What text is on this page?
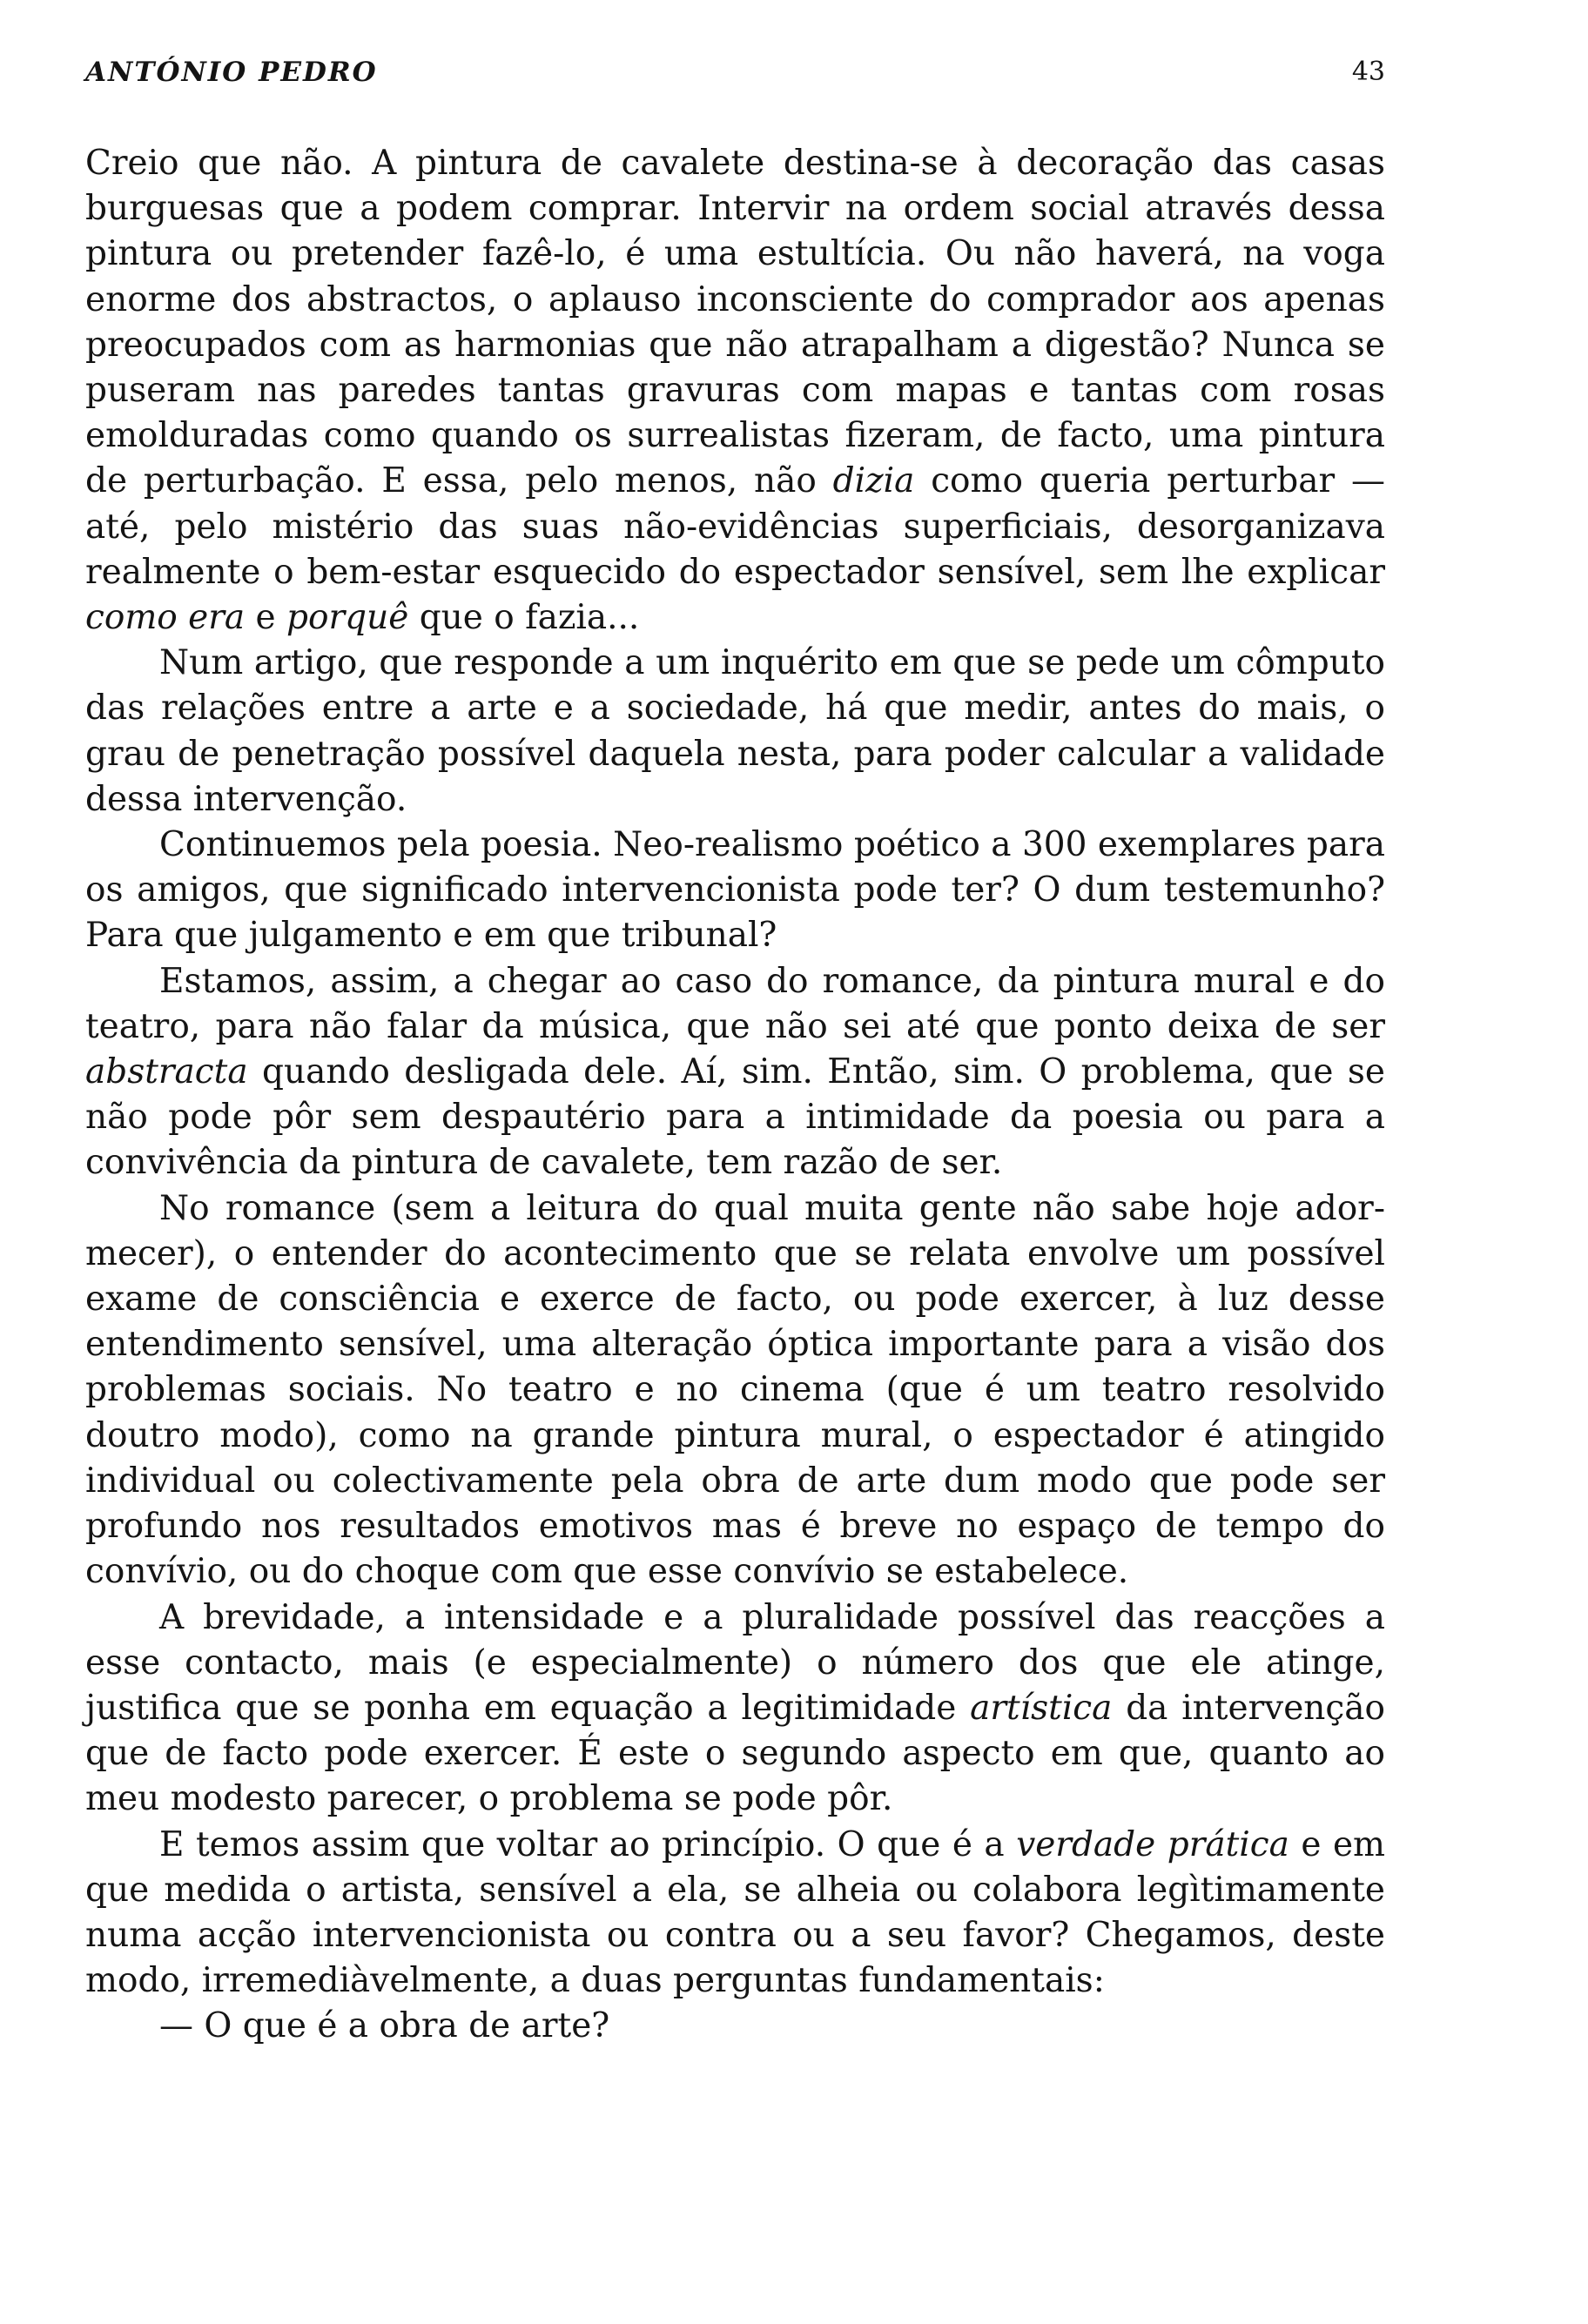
ANTÓNIO PEDRO	43

Creio que não. A pintura de cavalete destina-se à decoração das casas burguesas que a podem comprar. Intervir na ordem social através dessa pintura ou pretender fazê-lo, é uma estultícia. Ou não haverá, na voga enorme dos abstractos, o aplauso inconsciente do comprador aos apenas preocupados com as harmonias que não atrapalham a digestão? Nunca se puseram nas paredes tantas gravuras com mapas e tantas com rosas emolduradas como quando os surrealistas fizeram, de facto, uma pintura de perturbação. E essa, pelo menos, não dizia como queria perturbar — até, pelo mistério das suas não-evidências superficiais, desorganizava realmente o bem-estar esquecido do espectador sensível, sem lhe explicar como era e porquê que o fazia...

Num artigo, que responde a um inquérito em que se pede um cômputo das relações entre a arte e a sociedade, há que medir, antes do mais, o grau de penetração possível daquela nesta, para poder calcular a validade dessa intervenção.

Continuemos pela poesia. Neo-realismo poético a 300 exemplares para os amigos, que significado intervencionista pode ter? O dum testemunho? Para que julgamento e em que tribunal?

Estamos, assim, a chegar ao caso do romance, da pintura mural e do teatro, para não falar da música, que não sei até que ponto deixa de ser abstracta quando desligada dele. Aí, sim. Então, sim. O problema, que se não pode pôr sem despautério para a intimidade da poesia ou para a convivência da pintura de cavalete, tem razão de ser.

No romance (sem a leitura do qual muita gente não sabe hoje adormecer), o entender do acontecimento que se relata envolve um possível exame de consciência e exerce de facto, ou pode exercer, à luz desse entendimento sensível, uma alteração óptica importante para a visão dos problemas sociais. No teatro e no cinema (que é um teatro resolvido doutro modo), como na grande pintura mural, o espectador é atingido individual ou colectivamente pela obra de arte dum modo que pode ser profundo nos resultados emotivos mas é breve no espaço de tempo do convívio, ou do choque com que esse convívio se estabelece.

A brevidade, a intensidade e a pluralidade possível das reacções a esse contacto, mais (e especialmente) o número dos que ele atinge, justifica que se ponha em equação a legitimidade artística da intervenção que de facto pode exercer. É este o segundo aspecto em que, quanto ao meu modesto parecer, o problema se pode pôr.

E temos assim que voltar ao princípio. O que é a verdade prática e em que medida o artista, sensível a ela, se alheia ou colabora legìtimamente numa acção intervencionista ou contra ou a seu favor? Chegamos, deste modo, irremediàvelmente, a duas perguntas fundamentais:

— O que é a obra de arte?
